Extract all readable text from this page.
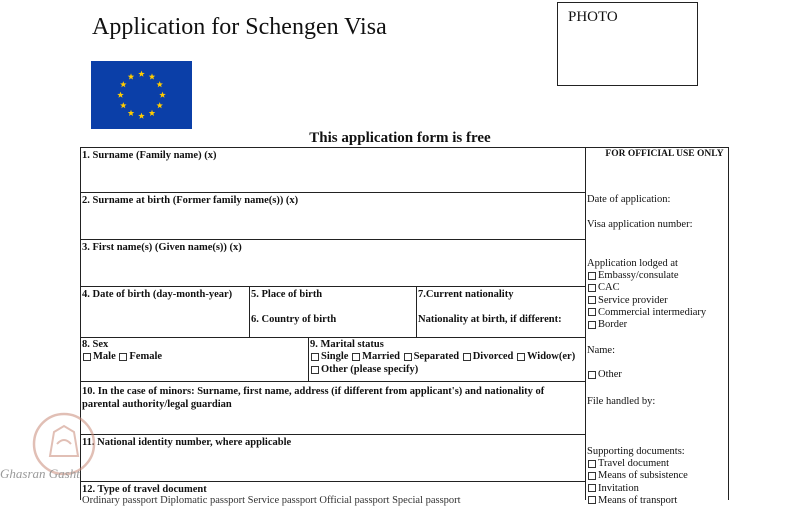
Application for Schengen Visa	PHOTO
This application form is free
1. Surname (Family name) (x)
2. Surname at birth (Former family name(s)) (x)
3. First name(s) (Given name(s)) (x)
4. Date of birth (day-month-year) 5. Place of birth
6. Country of birth
7.Current nationality
Nationality at birth, if different:
8. Sex
Male Female
9. Marital status
Single Married Separated Divorced Widow(er)
Other (please specify)
10. In the case of minors: Surname, first name, address (if different from applicant's) and nationality of
parental authority/legal guardian
11. National identity number, where applicable
12. Type of travel document
Ordinary passport Diplomatic passport Service passport Official passport Special passport
FOR OFFICIAL USE ONLY
Date of application:
Visa application number:
Application lodged at
Embassy/consulate
CAC
Service provider
Commercial intermediary
Border
Name:
Other
File handled by:
Supporting documents:
Travel document
Means of subsistence
Invitation
Means of transport
Ghasran Gasht
